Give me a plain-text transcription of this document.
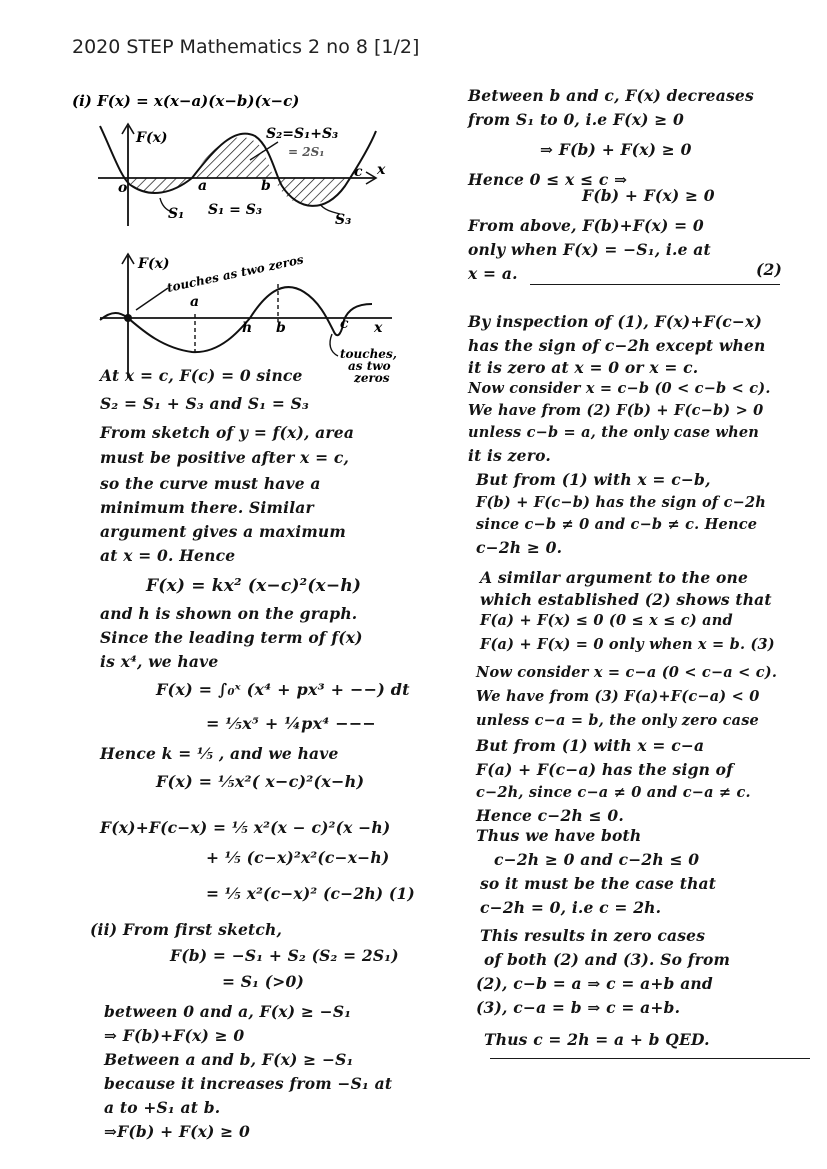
2020 STEP Mathematics 2 no 8 [1/2]
(i) F(x) = x(x−a)(x−b)(x−c)
F(x)
x
o	a	b
c
S₂=S₁+S₃
= 2S₁
S₁ S₁ = S₃
S₃
F(x)
touches as two zeros
a
h b	c x
touches,
as two
zeros
At x = c, F(c) = 0 since
S₂ = S₁ + S₃ and S₁ = S₃
From sketch of y = f(x), area
must be positive after x = c,
so the curve must have a
minimum there. Similar
argument gives a maximum
at x = 0. Hence
F(x) = kx² (x−c)²(x−h)
and h is shown on the graph.
Since the leading term of f(x)
is x⁴, we have
F(x) = ∫₀ˣ (x⁴ + px³ + −−) dt
= ⅕x⁵ + ¼px⁴ −−−
Hence k = ⅕ , and we have
F(x) = ⅕x²( x−c)²(x−h)
F(x)+F(c−x) = ⅕ x²(x − c)²(x −h)
+ ⅕ (c−x)²x²(c−x−h)
= ⅕ x²(c−x)² (c−2h) (1)
(ii) From first sketch,
F(b) = −S₁ + S₂ (S₂ = 2S₁)
= S₁ (>0)
between 0 and a, F(x) ≥ −S₁
⇒ F(b)+F(x) ≥ 0
Between a and b, F(x) ≥ −S₁
because it increases from −S₁ at
a to +S₁ at b.
⇒F(b) + F(x) ≥ 0
Between b and c, F(x) decreases
from S₁ to 0, i.e F(x) ≥ 0
⇒ F(b) + F(x) ≥ 0
Hence 0 ≤ x ≤ c ⇒
F(b) + F(x) ≥ 0
From above, F(b)+F(x) = 0
only when F(x) = −S₁, i.e at
x = a.	(2)
By inspection of (1), F(x)+F(c−x)
has the sign of c−2h except when
it is zero at x = 0 or x = c.
Now consider x = c−b (0 < c−b < c).
We have from (2) F(b) + F(c−b) > 0
unless c−b = a, the only case when
it is zero.
But from (1) with x = c−b,
F(b) + F(c−b) has the sign of c−2h
since c−b ≠ 0 and c−b ≠ c. Hence
c−2h ≥ 0.
A similar argument to the one
which established (2) shows that
F(a) + F(x) ≤ 0 (0 ≤ x ≤ c) and
F(a) + F(x) = 0 only when x = b. (3)
Now consider x = c−a (0 < c−a < c).
We have from (3) F(a)+F(c−a) < 0
unless c−a = b, the only zero case
But from (1) with x = c−a
F(a) + F(c−a) has the sign of
c−2h, since c−a ≠ 0 and c−a ≠ c.
Hence c−2h ≤ 0.
Thus we have both
c−2h ≥ 0 and c−2h ≤ 0
so it must be the case that
c−2h = 0, i.e c = 2h.
This results in zero cases
of both (2) and (3). So from
(2), c−b = a ⇒ c = a+b and
(3), c−a = b ⇒ c = a+b.
Thus c = 2h = a + b QED.
